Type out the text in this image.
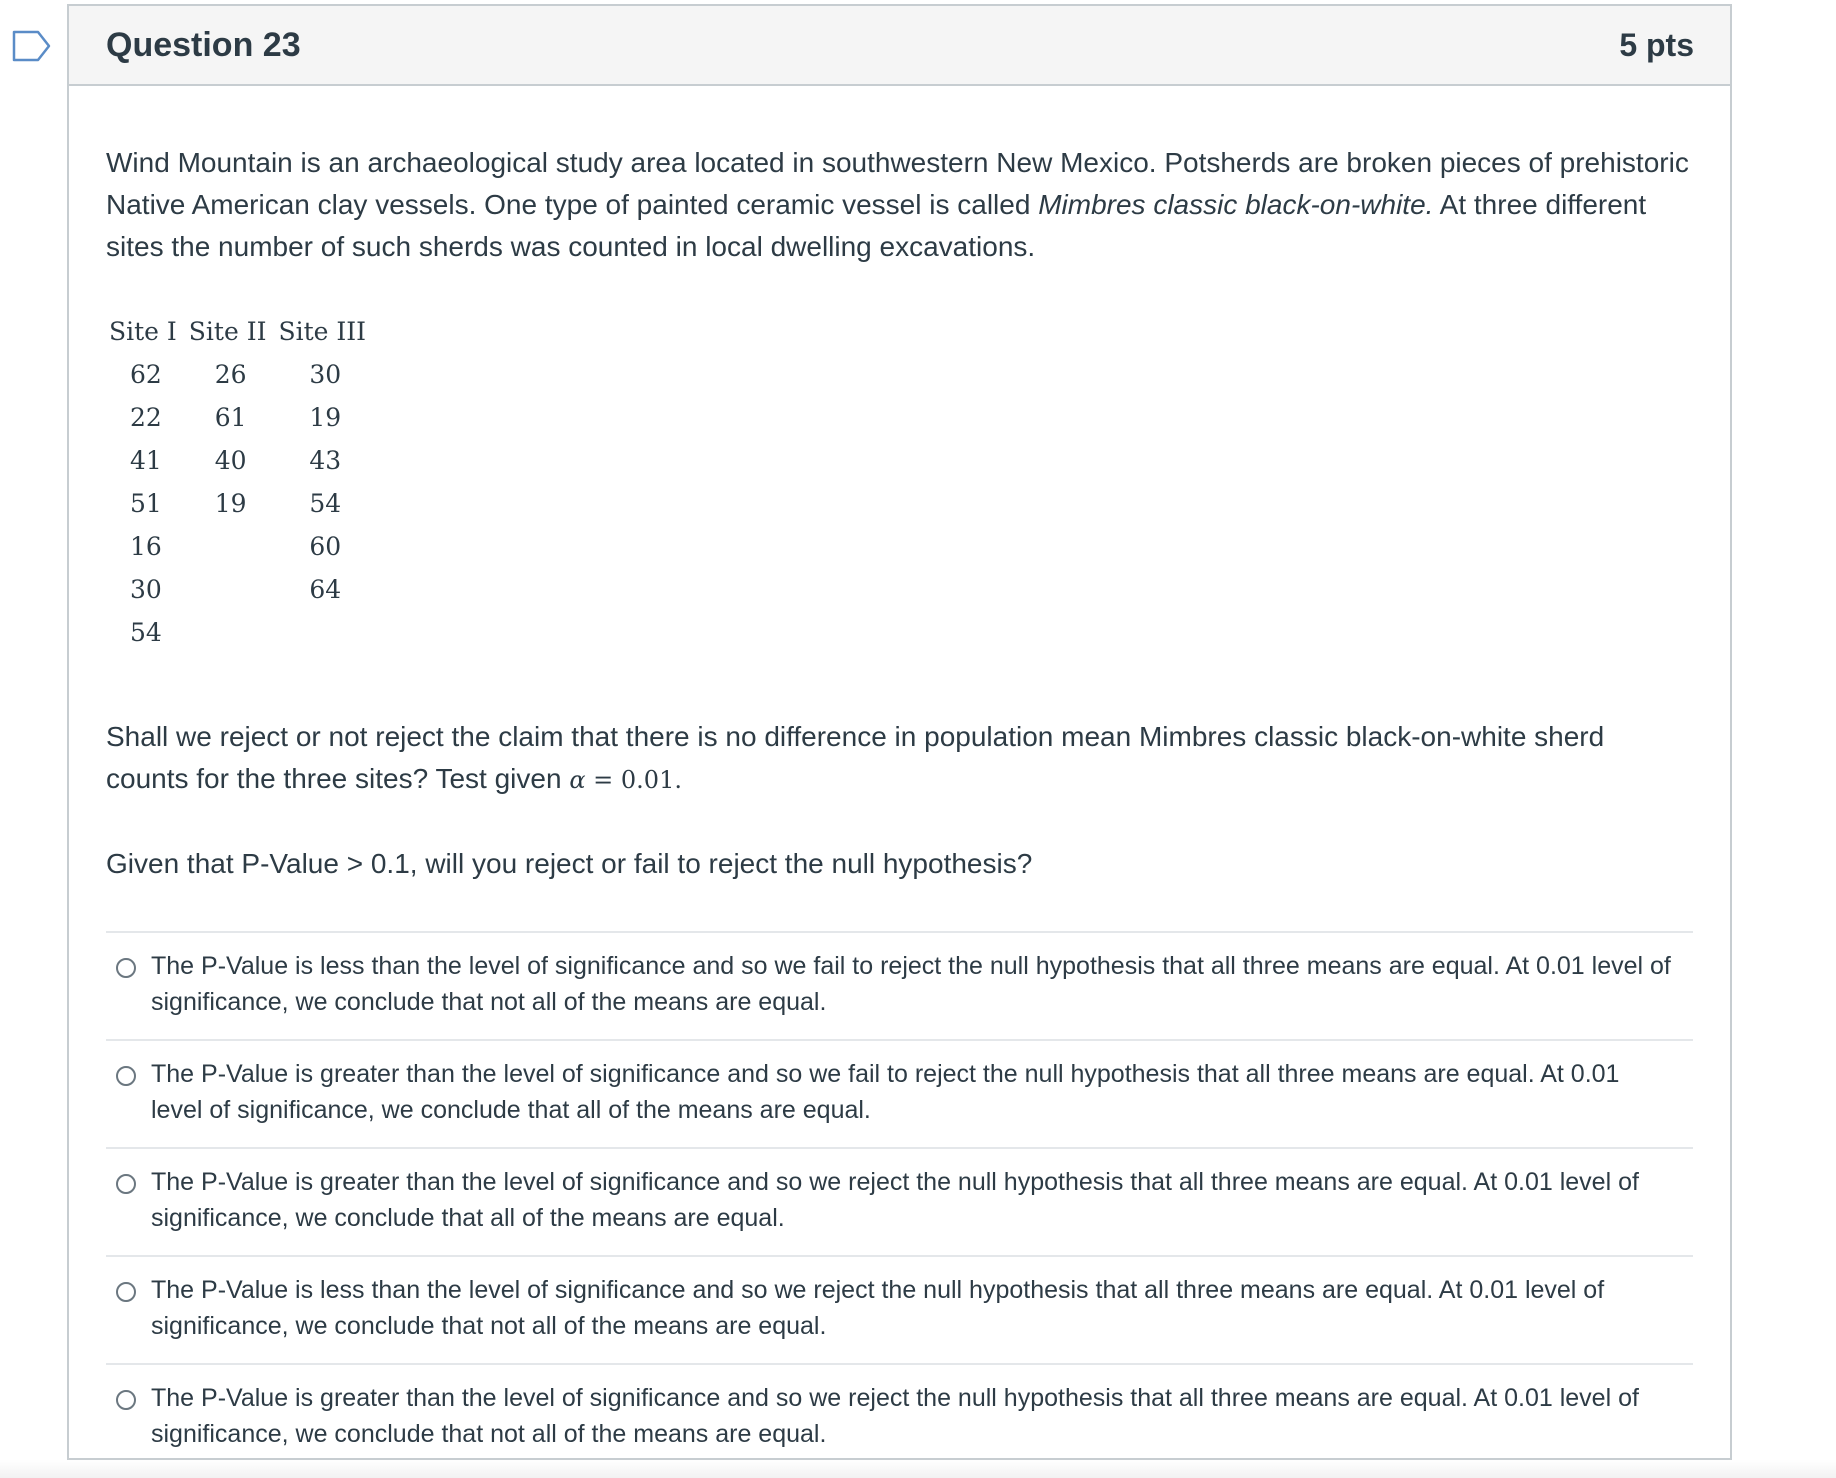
Question 23	5 pts

Wind Mountain is an archaeological study area located in southwestern New Mexico. Potsherds are broken pieces of prehistoric Native American clay vessels. One type of painted ceramic vessel is called Mimbres classic black-on-white. At three different sites the number of such sherds was counted in local dwelling excavations.

Site I	Site II	Site III
62	26	30
22	61	19
41	40	43
51	19	54
16		60
30		64
54		

Shall we reject or not reject the claim that there is no difference in population mean Mimbres classic black-on-white sherd counts for the three sites? Test given α = 0.01.

Given that P-Value > 0.1, will you reject or fail to reject the null hypothesis?

The P-Value is less than the level of significance and so we fail to reject the null hypothesis that all three means are equal. At 0.01 level of significance, we conclude that not all of the means are equal.
The P-Value is greater than the level of significance and so we fail to reject the null hypothesis that all three means are equal. At 0.01 level of significance, we conclude that all of the means are equal.
The P-Value is greater than the level of significance and so we reject the null hypothesis that all three means are equal. At 0.01 level of significance, we conclude that all of the means are equal.
The P-Value is less than the level of significance and so we reject the null hypothesis that all three means are equal. At 0.01 level of significance, we conclude that not all of the means are equal.
The P-Value is greater than the level of significance and so we reject the null hypothesis that all three means are equal. At 0.01 level of significance, we conclude that not all of the means are equal.
